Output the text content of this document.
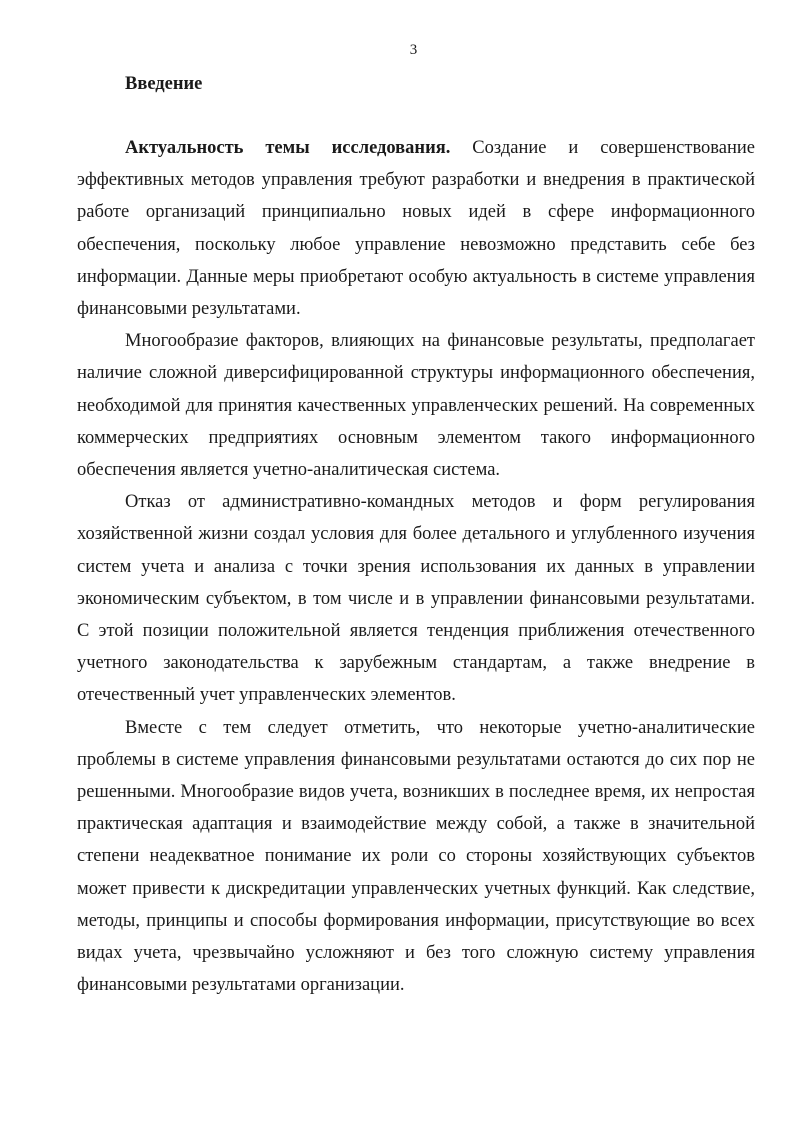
3
Введение

Актуальность темы исследования. Создание и совершенствование эффективных методов управления требуют разработки и внедрения в практической работе организаций принципиально новых идей в сфере информационного обеспечения, поскольку любое управление невозможно представить себе без информации. Данные меры приобретают особую актуальность в системе управления финансовыми результатами.

Многообразие факторов, влияющих на финансовые результаты, предполагает наличие сложной диверсифицированной структуры информационного обеспечения, необходимой для принятия качественных управленческих решений. На современных коммерческих предприятиях основным элементом такого информационного обеспечения является учетно-аналитическая система.

Отказ от административно-командных методов и форм регулирования хозяйственной жизни создал условия для более детального и углубленного изучения систем учета и анализа с точки зрения использования их данных в управлении экономическим субъектом, в том числе и в управлении финансовыми результатами. С этой позиции положительной является тенденция приближения отечественного учетного законодательства к зарубежным стандартам, а также внедрение в отечественный учет управленческих элементов.

Вместе с тем следует отметить, что некоторые учетно-аналитические проблемы в системе управления финансовыми результатами остаются до сих пор не решенными. Многообразие видов учета, возникших в последнее время, их непростая практическая адаптация и взаимодействие между собой, а также в значительной степени неадекватное понимание их роли со стороны хозяйствующих субъектов может привести к дискредитации управленческих учетных функций. Как следствие, методы, принципы и способы формирования информации, присутствующие во всех видах учета, чрезвычайно усложняют и без того сложную систему управления финансовыми результатами организации.
